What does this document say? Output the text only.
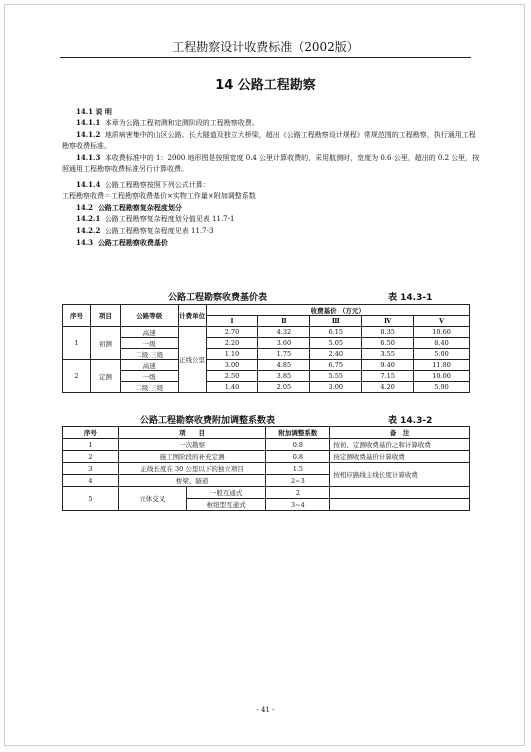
工程勘察设计收费标准（2002版）
14 公路工程勘察

14.1 说 明

14.1.1 本章为公路工程初测和定测阶段的工程勘察收费。

14.1.2 地质病害集中的山区公路、长大隧道及独立大桥梁，超出《公路工程勘察设计规程》常规范围的工程勘察，执行通用工程勘察收费标准。

14.1.3 本收费标准中的 1：2000 地形图是按照宽度 0.4 公里计算收费的，采用航测时，宽度为 0.6 公里，超出的 0.2 公里，按照通用工程勘察收费标准另行计算收费。

14.1.4 公路工程勘察按照下列公式计算：

工程勘察收费＝工程勘察收费基价×实物工作量×附加调整系数

14.2 公路工程勘察复杂程度划分

14.2.1 公路工程勘察复杂程度划分值见表 11.7-1

14.2.2 公路工程勘察复杂程度见表 11.7-3

14.3 公路工程勘察收费基价

公路工程勘察收费基价表	表 14.3-1
序号	项目	公路等级	计费单位	收费基价 （万元）				
				Ⅰ	Ⅱ	Ⅲ	Ⅳ	Ⅴ
1	初测	高速	正线公里	2.70	4.32	6.15	8.35	10.60
		一级		2.20	3.60	5.05	6.50	8.40
		二级 三级		1.10	1.75	2.40	3.55	5.00
2	定测	高速		3.00	4.85	6.75	9.40	11.80
		一级		2.50	3.85	5.55	7.15	10.00
		二级 三级		1.40	2.05	3.00	4.20	5.90
公路工程勘察收费附加调整系数表	表 14.3-2
序号	项　　目		附加调整系数	备　注
1	一次勘察		0.8	按初、定测收费基价之和计算收费
2	施工图阶段的补充定测		0.8	按定测收费基价计算收费
3	正线长度在 30 公里以下的独立项目		1.5	按相应路线主线长度计算收费
4	桥梁、隧道		2~3	
5	立体交叉	一般互通式	2	
		枢纽型互通式	3~4	
- 41 -
